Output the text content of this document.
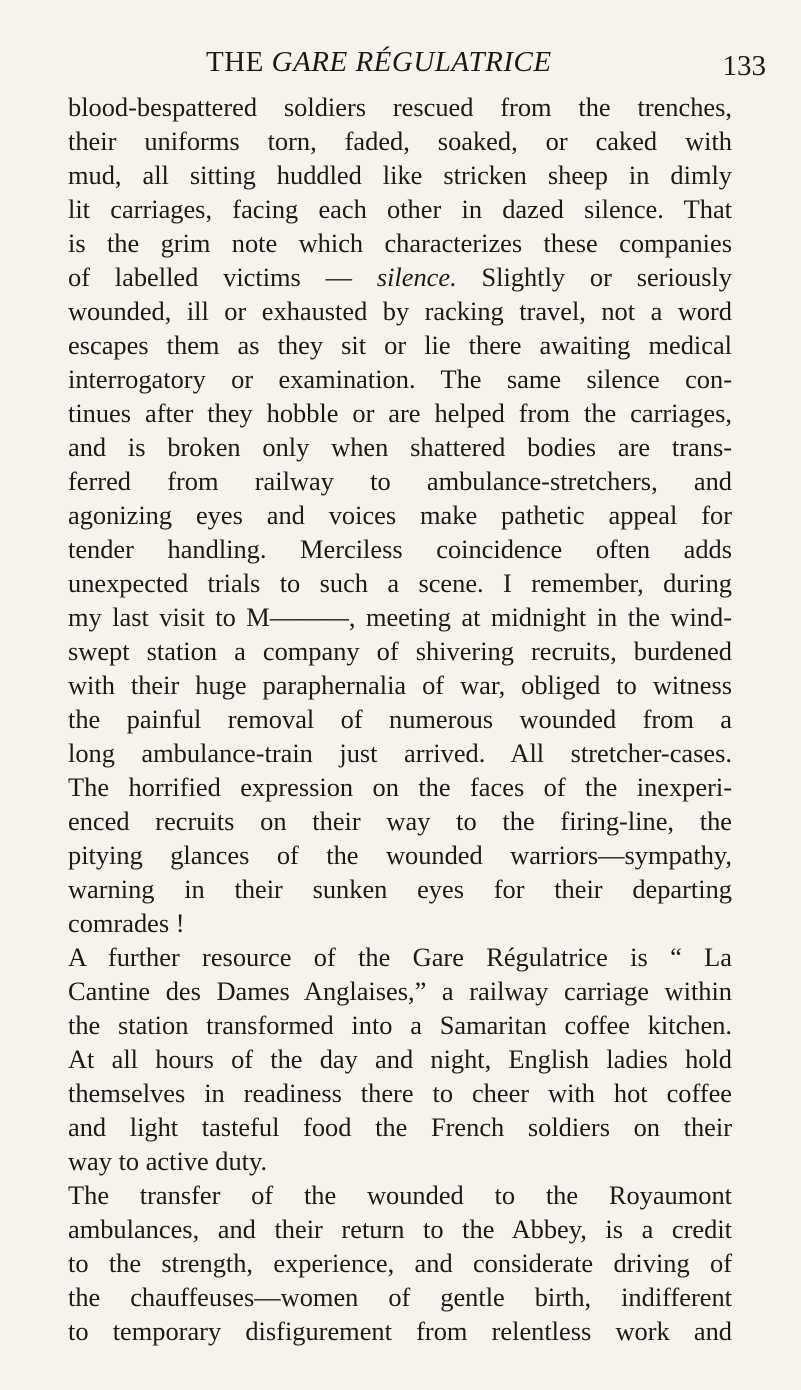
THE GARE RÉGULATRICE	133
blood-bespattered soldiers rescued from the trenches,
their uniforms torn, faded, soaked, or caked with
mud, all sitting huddled like stricken sheep in dimly
lit carriages, facing each other in dazed silence. That
is the grim note which characterizes these companies
of labelled victims — silence. Slightly or seriously
wounded, ill or exhausted by racking travel, not a word
escapes them as they sit or lie there awaiting medical
interrogatory or examination. The same silence con-
tinues after they hobble or are helped from the carriages,
and is broken only when shattered bodies are trans-
ferred from railway to ambulance-stretchers, and
agonizing eyes and voices make pathetic appeal for
tender handling. Merciless coincidence often adds
unexpected trials to such a scene. I remember, during
my last visit to M———, meeting at midnight in the wind-
swept station a company of shivering recruits, burdened
with their huge paraphernalia of war, obliged to witness
the painful removal of numerous wounded from a
long ambulance-train just arrived. All stretcher-cases.
The horrified expression on the faces of the inexperi-
enced recruits on their way to the firing-line, the
pitying glances of the wounded warriors—sympathy,
warning in their sunken eyes for their departing
comrades !
A further resource of the Gare Régulatrice is “ La
Cantine des Dames Anglaises,” a railway carriage within
the station transformed into a Samaritan coffee kitchen.
At all hours of the day and night, English ladies hold
themselves in readiness there to cheer with hot coffee
and light tasteful food the French soldiers on their
way to active duty.
The transfer of the wounded to the Royaumont
ambulances, and their return to the Abbey, is a credit
to the strength, experience, and considerate driving of
the chauffeuses—women of gentle birth, indifferent
to temporary disfigurement from relentless work and
